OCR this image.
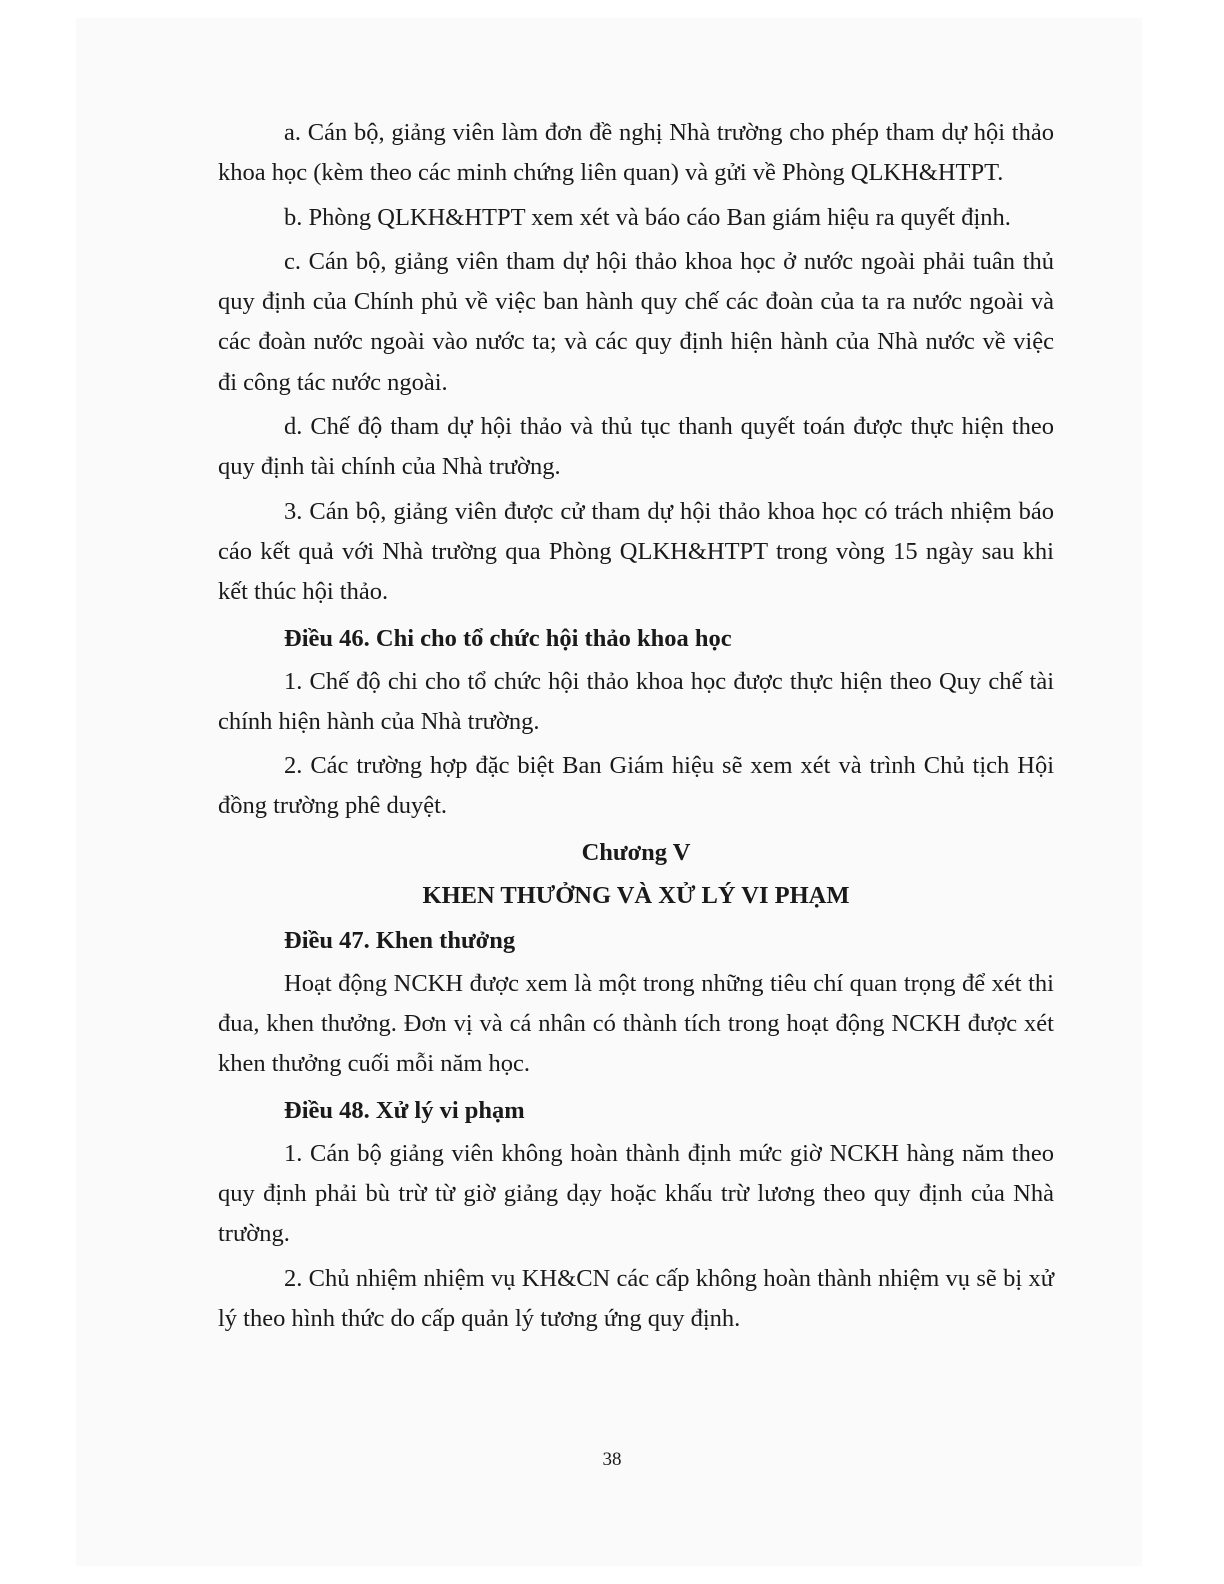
a. Cán bộ, giảng viên làm đơn đề nghị Nhà trường cho phép tham dự hội thảo khoa học (kèm theo các minh chứng liên quan) và gửi về Phòng QLKH&HTPT.

b. Phòng QLKH&HTPT xem xét và báo cáo Ban giám hiệu ra quyết định.

c. Cán bộ, giảng viên tham dự hội thảo khoa học ở nước ngoài phải tuân thủ quy định của Chính phủ về việc ban hành quy chế các đoàn của ta ra nước ngoài và các đoàn nước ngoài vào nước ta; và các quy định hiện hành của Nhà nước về việc đi công tác nước ngoài.

d. Chế độ tham dự hội thảo và thủ tục thanh quyết toán được thực hiện theo quy định tài chính của Nhà trường.

3. Cán bộ, giảng viên được cử tham dự hội thảo khoa học có trách nhiệm báo cáo kết quả với Nhà trường qua Phòng QLKH&HTPT trong vòng 15 ngày sau khi kết thúc hội thảo.

Điều 46. Chi cho tổ chức hội thảo khoa học

1. Chế độ chi cho tổ chức hội thảo khoa học được thực hiện theo Quy chế tài chính hiện hành của Nhà trường.

2. Các trường hợp đặc biệt Ban Giám hiệu sẽ xem xét và trình Chủ tịch Hội đồng trường phê duyệt.

Chương V

KHEN THƯỞNG VÀ XỬ LÝ VI PHẠM

Điều 47. Khen thưởng

Hoạt động NCKH được xem là một trong những tiêu chí quan trọng để xét thi đua, khen thưởng. Đơn vị và cá nhân có thành tích trong hoạt động NCKH được xét khen thưởng cuối mỗi năm học.

Điều 48. Xử lý vi phạm

1. Cán bộ giảng viên không hoàn thành định mức giờ NCKH hàng năm theo quy định phải bù trừ từ giờ giảng dạy hoặc khấu trừ lương theo quy định của Nhà trường.

2. Chủ nhiệm nhiệm vụ KH&CN các cấp không hoàn thành nhiệm vụ sẽ bị xử lý theo hình thức do cấp quản lý tương ứng quy định.

38
